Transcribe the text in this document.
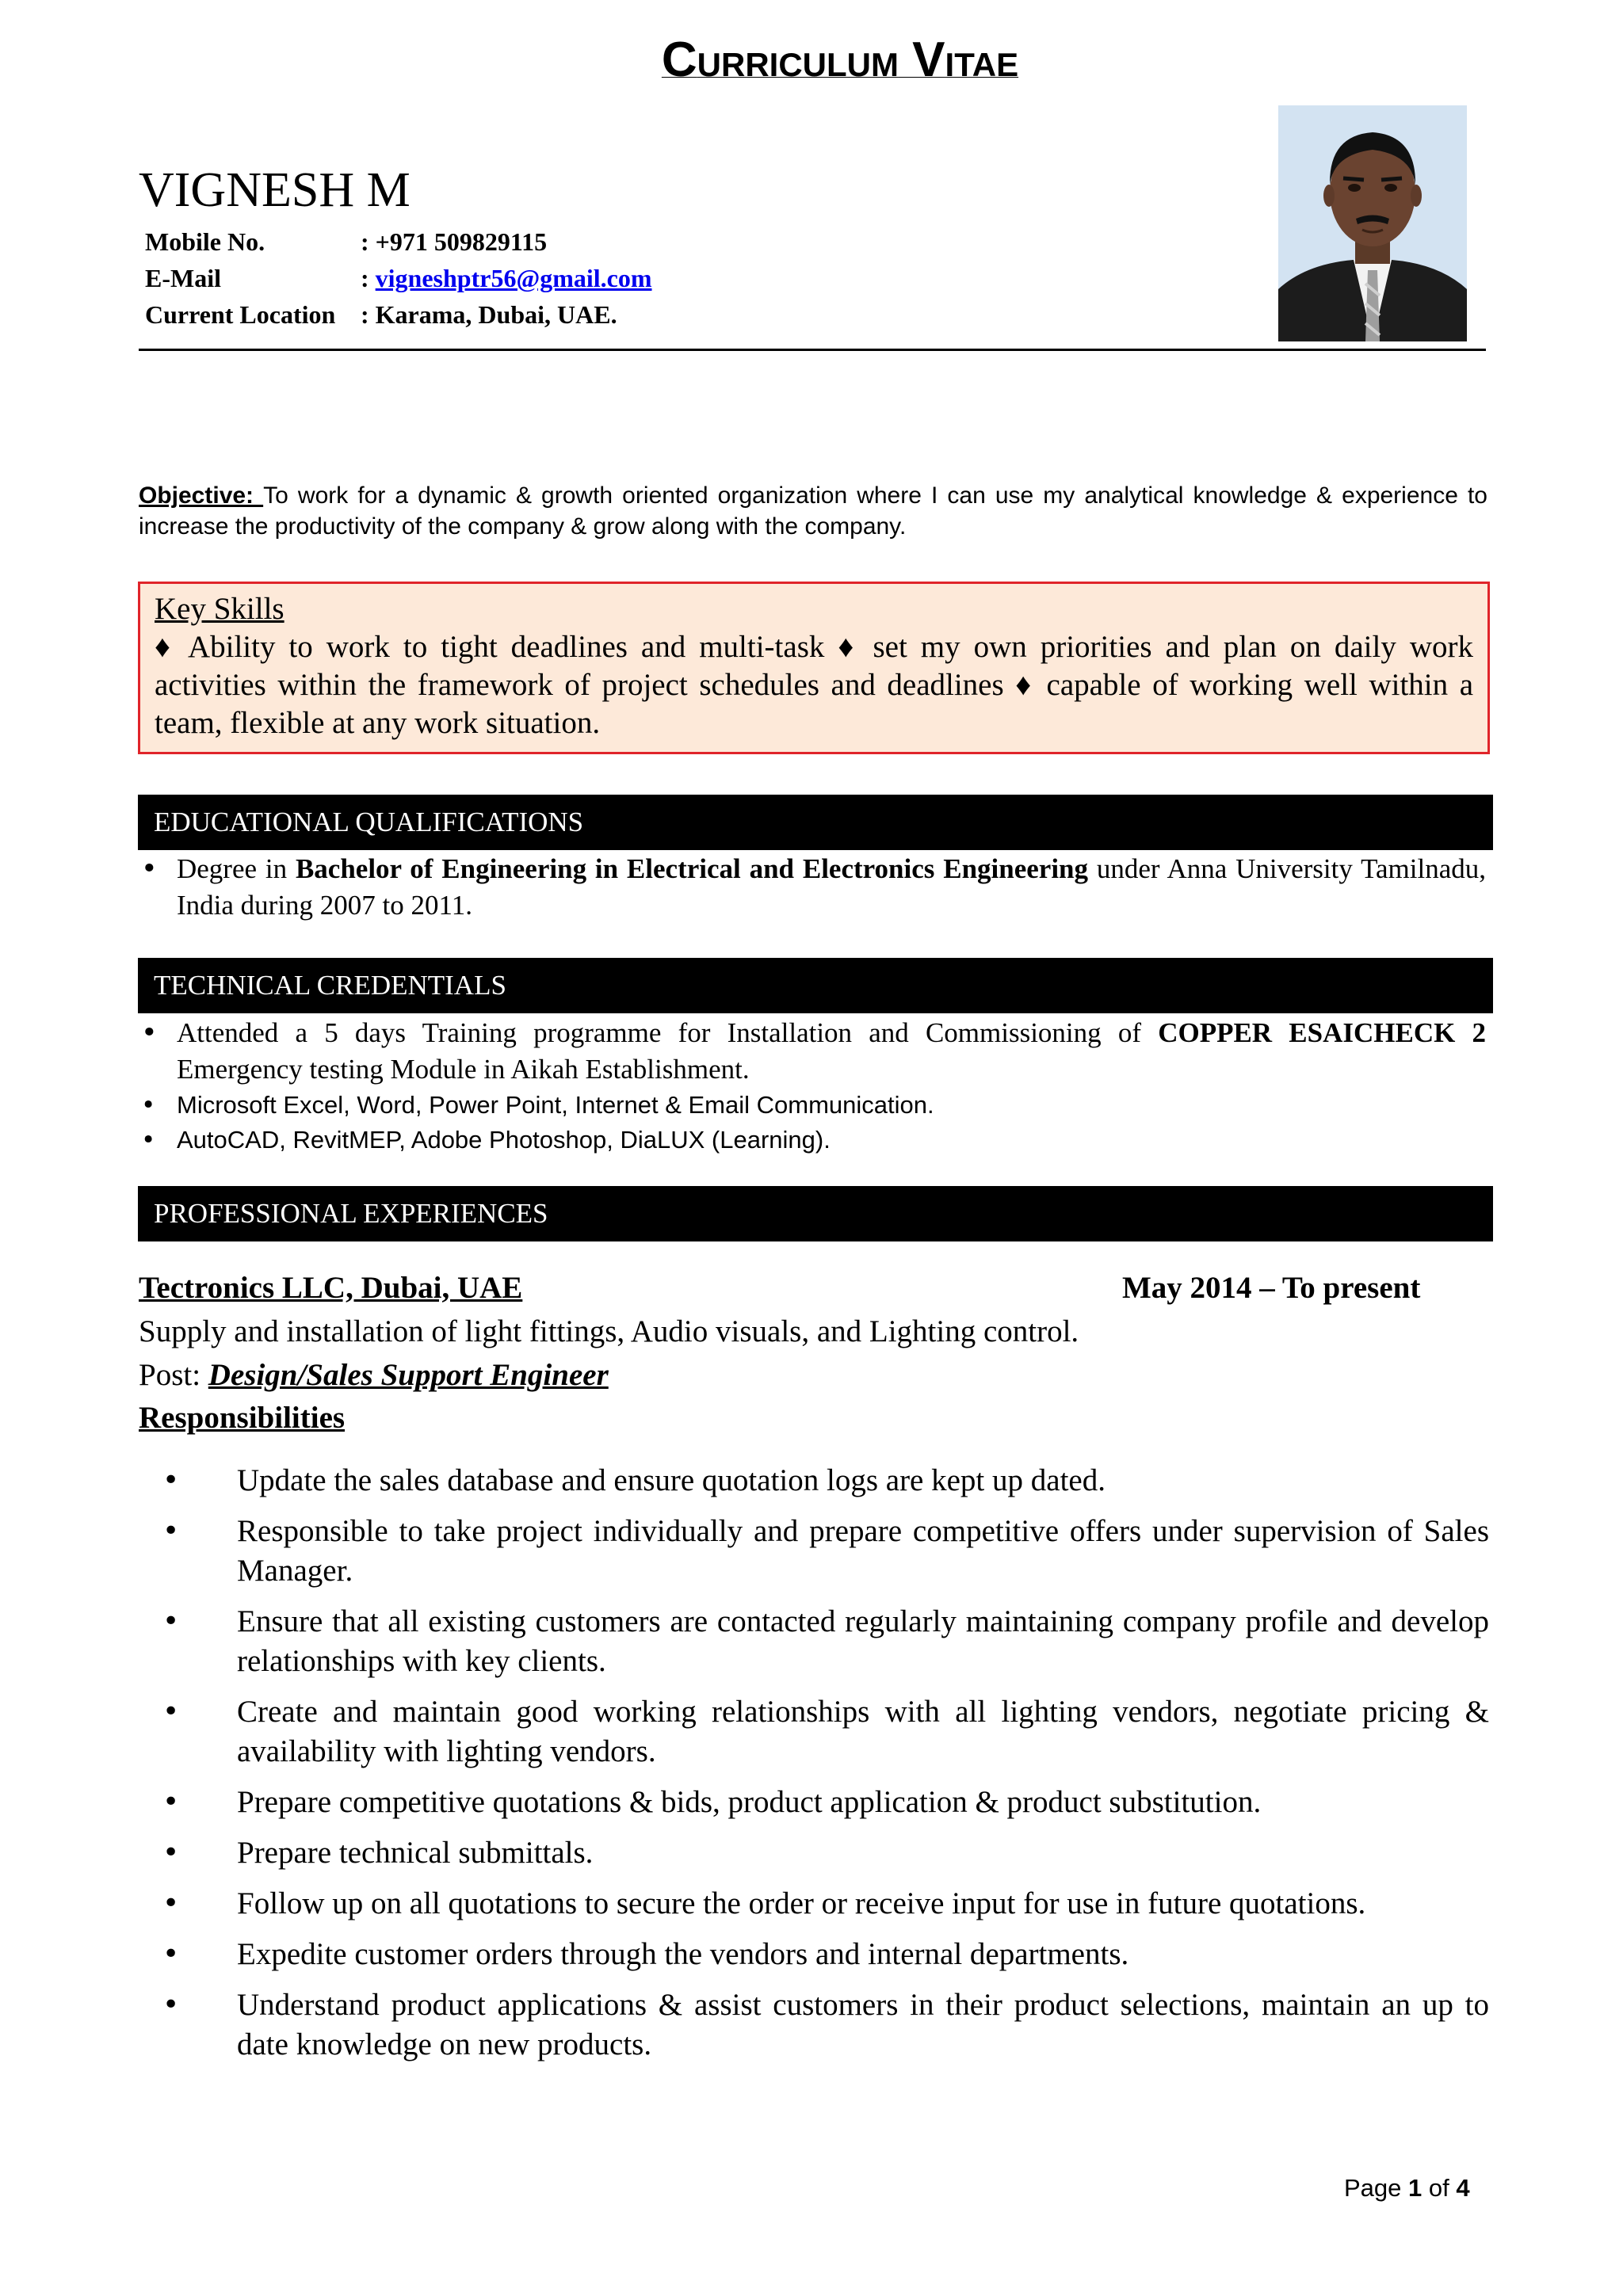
CURRICULUM VITAE
VIGNESH M
Mobile No.	: +971 509829115
E-Mail	: vigneshptr56@gmail.com
Current Location : Karama, Dubai, UAE.
Objective: To work for a dynamic & growth oriented organization where I can use my analytical knowledge & experience to increase the productivity of the company & grow along with the company.
Key Skills
♦ Ability to work to tight deadlines and multi-task ♦ set my own priorities and plan on daily work activities within the framework of project schedules and deadlines ♦ capable of working well within a team, flexible at any work situation.
EDUCATIONAL QUALIFICATIONS
• Degree in Bachelor of Engineering in Electrical and Electronics Engineering under Anna University Tamilnadu, India during 2007 to 2011.
TECHNICAL CREDENTIALS
• Attended a 5 days Training programme for Installation and Commissioning of COPPER ESAICHECK 2 Emergency testing Module in Aikah Establishment.
• Microsoft Excel, Word, Power Point, Internet & Email Communication.
• AutoCAD, RevitMEP, Adobe Photoshop, DiaLUX (Learning).
PROFESSIONAL EXPERIENCES
Tectronics LLC, Dubai, UAE	May 2014 – To present
Supply and installation of light fittings, Audio visuals, and Lighting control.
Post: Design/Sales Support Engineer
Responsibilities
• Update the sales database and ensure quotation logs are kept up dated.
• Responsible to take project individually and prepare competitive offers under supervision of Sales Manager.
• Ensure that all existing customers are contacted regularly maintaining company profile and develop relationships with key clients.
• Create and maintain good working relationships with all lighting vendors, negotiate pricing & availability with lighting vendors.
• Prepare competitive quotations & bids, product application & product substitution.
• Prepare technical submittals.
• Follow up on all quotations to secure the order or receive input for use in future quotations.
• Expedite customer orders through the vendors and internal departments.
• Understand product applications & assist customers in their product selections, maintain an up to date knowledge on new products.
Page 1 of 4
